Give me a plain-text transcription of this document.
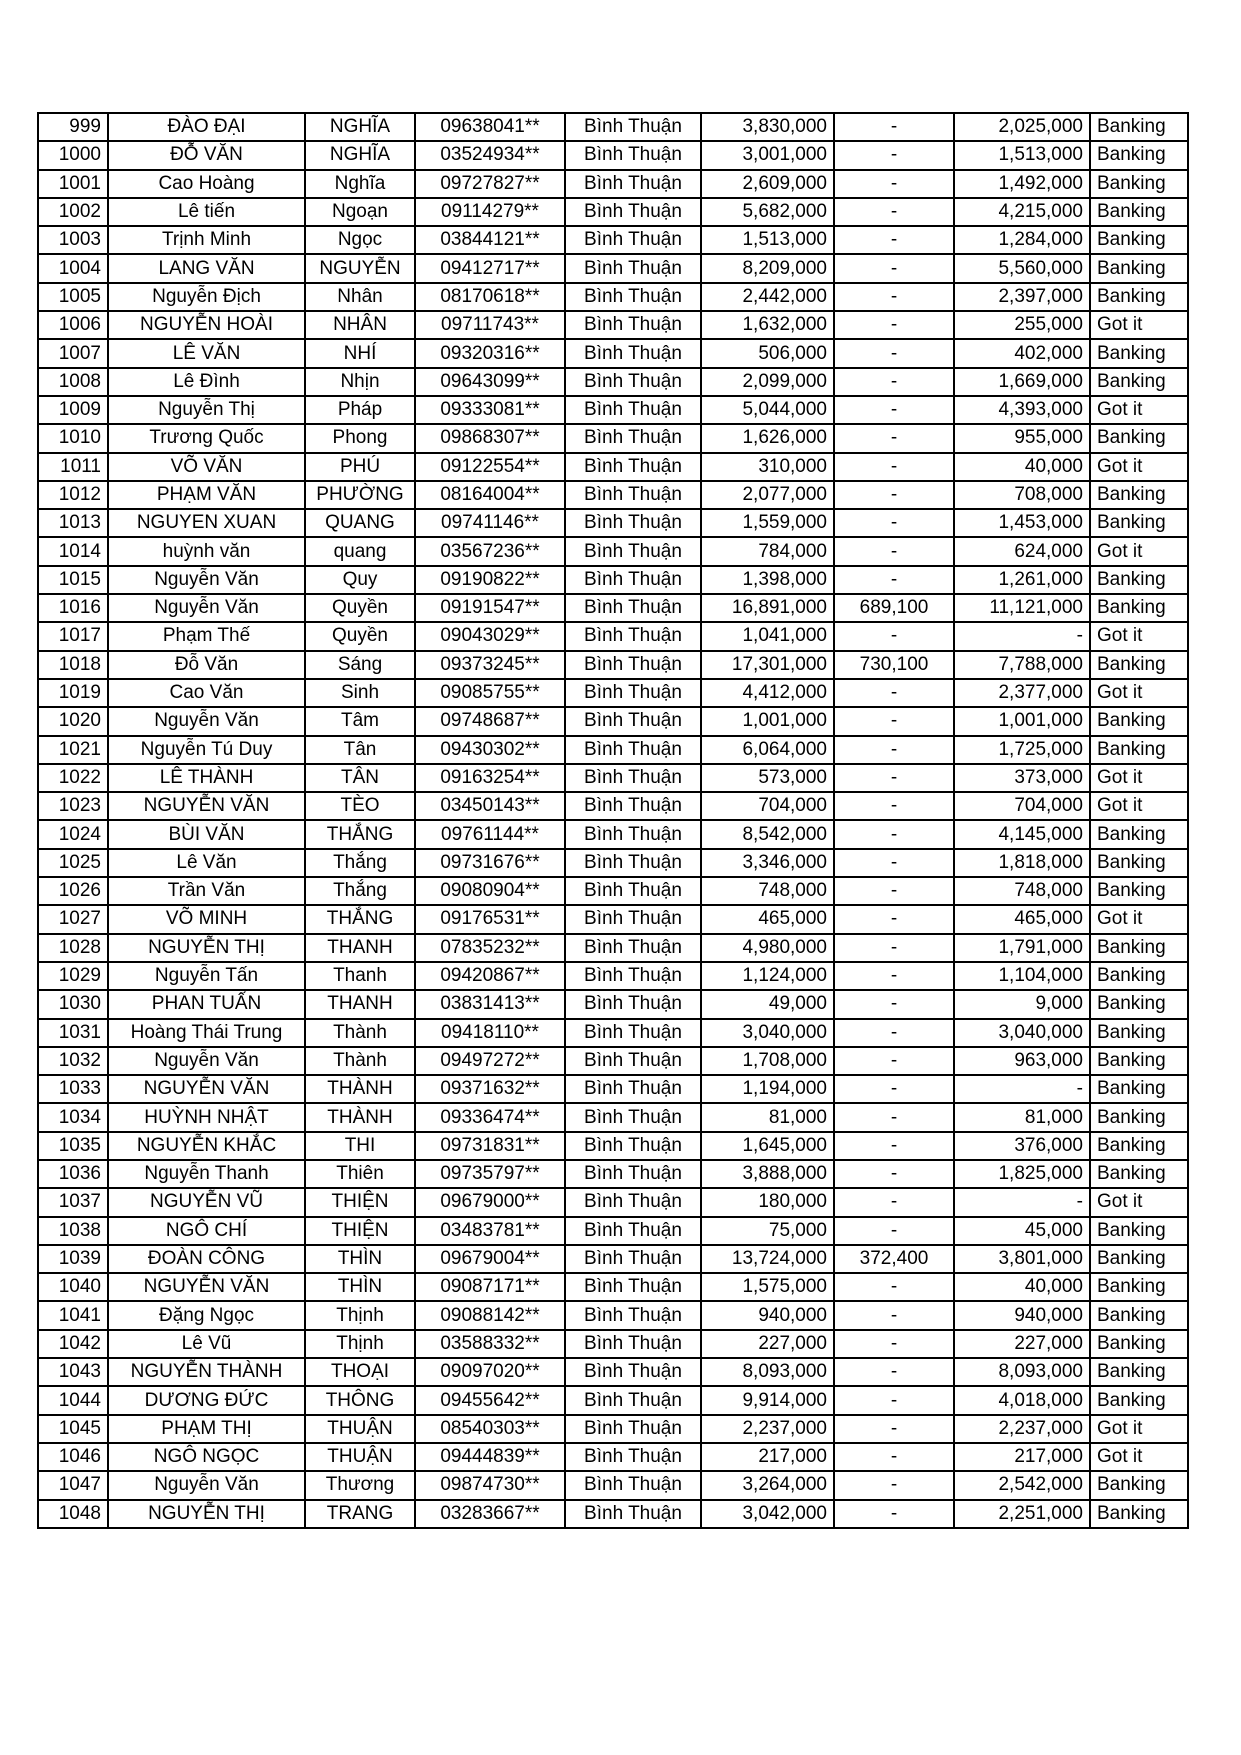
999	ĐÀO ĐẠI	NGHĨA	09638041**	Bình Thuận	3,830,000	-	2,025,000	Banking
1000	ĐỖ VĂN	NGHĨA	03524934**	Bình Thuận	3,001,000	-	1,513,000	Banking
1001	Cao Hoàng	Nghĩa	09727827**	Bình Thuận	2,609,000	-	1,492,000	Banking
1002	Lê tiến	Ngoạn	09114279**	Bình Thuận	5,682,000	-	4,215,000	Banking
1003	Trịnh Minh	Ngọc	03844121**	Bình Thuận	1,513,000	-	1,284,000	Banking
1004	LANG VĂN	NGUYỄN	09412717**	Bình Thuận	8,209,000	-	5,560,000	Banking
1005	Nguyễn Địch	Nhân	08170618**	Bình Thuận	2,442,000	-	2,397,000	Banking
1006	NGUYỄN HOÀI	NHÂN	09711743**	Bình Thuận	1,632,000	-	255,000	Got it
1007	LÊ VĂN	NHÍ	09320316**	Bình Thuận	506,000	-	402,000	Banking
1008	Lê Đình	Nhịn	09643099**	Bình Thuận	2,099,000	-	1,669,000	Banking
1009	Nguyễn Thị	Pháp	09333081**	Bình Thuận	5,044,000	-	4,393,000	Got it
1010	Trương Quốc	Phong	09868307**	Bình Thuận	1,626,000	-	955,000	Banking
1011	VÕ VĂN	PHÚ	09122554**	Bình Thuận	310,000	-	40,000	Got it
1012	PHẠM VĂN	PHƯỜNG	08164004**	Bình Thuận	2,077,000	-	708,000	Banking
1013	NGUYEN XUAN	QUANG	09741146**	Bình Thuận	1,559,000	-	1,453,000	Banking
1014	huỳnh văn	quang	03567236**	Bình Thuận	784,000	-	624,000	Got it
1015	Nguyễn Văn	Quy	09190822**	Bình Thuận	1,398,000	-	1,261,000	Banking
1016	Nguyễn Văn	Quyền	09191547**	Bình Thuận	16,891,000	689,100	11,121,000	Banking
1017	Phạm Thế	Quyền	09043029**	Bình Thuận	1,041,000	-	-	Got it
1018	Đỗ Văn	Sáng	09373245**	Bình Thuận	17,301,000	730,100	7,788,000	Banking
1019	Cao Văn	Sinh	09085755**	Bình Thuận	4,412,000	-	2,377,000	Got it
1020	Nguyễn Văn	Tâm	09748687**	Bình Thuận	1,001,000	-	1,001,000	Banking
1021	Nguyễn Tú Duy	Tân	09430302**	Bình Thuận	6,064,000	-	1,725,000	Banking
1022	LÊ THÀNH	TÂN	09163254**	Bình Thuận	573,000	-	373,000	Got it
1023	NGUYỄN VĂN	TÈO	03450143**	Bình Thuận	704,000	-	704,000	Got it
1024	BÙI VĂN	THẮNG	09761144**	Bình Thuận	8,542,000	-	4,145,000	Banking
1025	Lê Văn	Thắng	09731676**	Bình Thuận	3,346,000	-	1,818,000	Banking
1026	Trần Văn	Thắng	09080904**	Bình Thuận	748,000	-	748,000	Banking
1027	VÕ MINH	THẮNG	09176531**	Bình Thuận	465,000	-	465,000	Got it
1028	NGUYỄN THỊ	THANH	07835232**	Bình Thuận	4,980,000	-	1,791,000	Banking
1029	Nguyễn Tấn	Thanh	09420867**	Bình Thuận	1,124,000	-	1,104,000	Banking
1030	PHAN TUẤN	THANH	03831413**	Bình Thuận	49,000	-	9,000	Banking
1031	Hoàng Thái Trung	Thành	09418110**	Bình Thuận	3,040,000	-	3,040,000	Banking
1032	Nguyễn Văn	Thành	09497272**	Bình Thuận	1,708,000	-	963,000	Banking
1033	NGUYỄN VĂN	THÀNH	09371632**	Bình Thuận	1,194,000	-	-	Banking
1034	HUỲNH NHẬT	THÀNH	09336474**	Bình Thuận	81,000	-	81,000	Banking
1035	NGUYỄN KHẮC	THI	09731831**	Bình Thuận	1,645,000	-	376,000	Banking
1036	Nguyễn Thanh	Thiên	09735797**	Bình Thuận	3,888,000	-	1,825,000	Banking
1037	NGUYỄN VŨ	THIỆN	09679000**	Bình Thuận	180,000	-	-	Got it
1038	NGÔ CHÍ	THIỆN	03483781**	Bình Thuận	75,000	-	45,000	Banking
1039	ĐOÀN CÔNG	THÌN	09679004**	Bình Thuận	13,724,000	372,400	3,801,000	Banking
1040	NGUYỄN VĂN	THÌN	09087171**	Bình Thuận	1,575,000	-	40,000	Banking
1041	Đặng Ngọc	Thịnh	09088142**	Bình Thuận	940,000	-	940,000	Banking
1042	Lê Vũ	Thịnh	03588332**	Bình Thuận	227,000	-	227,000	Banking
1043	NGUYỄN THÀNH	THOẠI	09097020**	Bình Thuận	8,093,000	-	8,093,000	Banking
1044	DƯƠNG ĐỨC	THÔNG	09455642**	Bình Thuận	9,914,000	-	4,018,000	Banking
1045	PHẠM THỊ	THUẬN	08540303**	Bình Thuận	2,237,000	-	2,237,000	Got it
1046	NGÔ NGỌC	THUẬN	09444839**	Bình Thuận	217,000	-	217,000	Got it
1047	Nguyễn Văn	Thương	09874730**	Bình Thuận	3,264,000	-	2,542,000	Banking
1048	NGUYỄN THỊ	TRANG	03283667**	Bình Thuận	3,042,000	-	2,251,000	Banking
